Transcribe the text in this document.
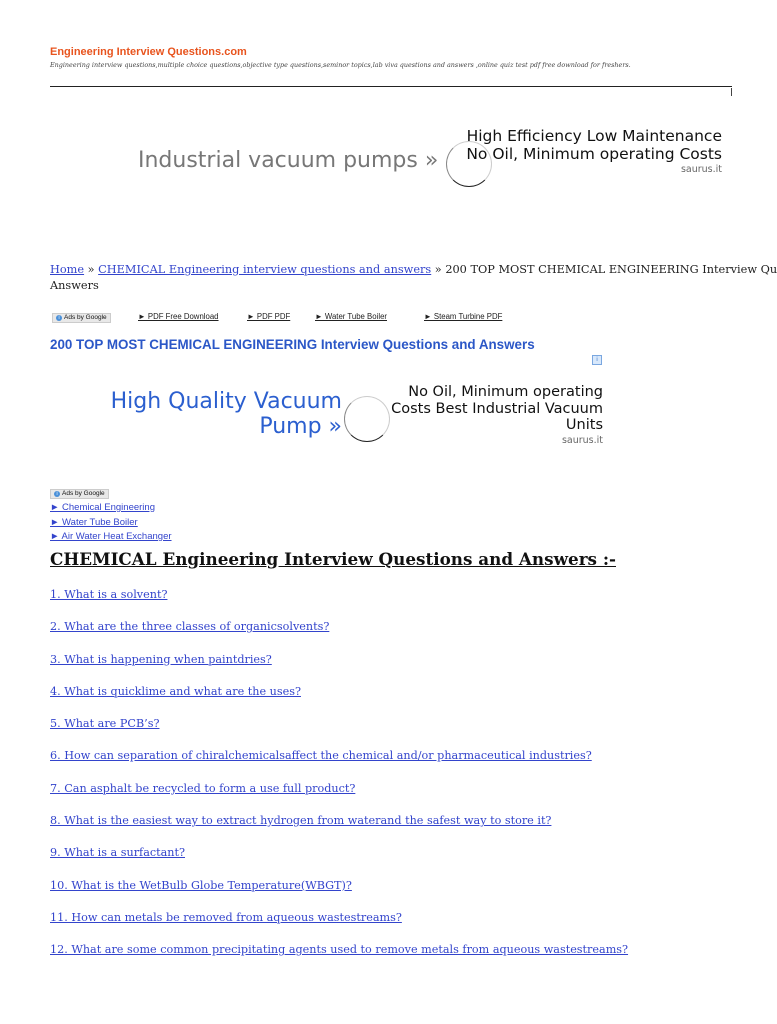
Engineering Interview Questions.com
Engineering interview questions,multiple choice questions,objective type questions,seminor topics,lab viva questions and answers ,online quiz test pdf free download for freshers.
Industrial vacuum pumps »
High Efficiency Low Maintenance No Oil, Minimum operating Costs
saurus.it
Home » CHEMICAL Engineering interview questions and answers » 200 TOP MOST CHEMICAL ENGINEERING Interview Qu
Answers
i Ads by Google	► PDF Free Download	► PDF PDF	► Water Tube Boiler	► Steam Turbine PDF
200 TOP MOST CHEMICAL ENGINEERING Interview Questions and Answers
i
High Quality Vacuum Pump »
No Oil, Minimum operating Costs Best Industrial Vacuum Units
saurus.it
i Ads by Google
► Chemical Engineering
► Water Tube Boiler
► Air Water Heat Exchanger
CHEMICAL Engineering Interview Questions and Answers :-
1. What is a solvent?
2. What are the three classes of organicsolvents?
3. What is happening when paintdries?
4. What is quicklime and what are the uses?
5. What are PCB’s?
6. How can separation of chiralchemicalsaffect the chemical and/or pharmaceutical industries?
7. Can asphalt be recycled to form a use full product?
8. What is the easiest way to extract hydrogen from waterand the safest way to store it?
9. What is a surfactant?
10. What is the WetBulb Globe Temperature(WBGT)?
11. How can metals be removed from aqueous wastestreams?
12. What are some common precipitating agents used to remove metals from aqueous wastestreams?
